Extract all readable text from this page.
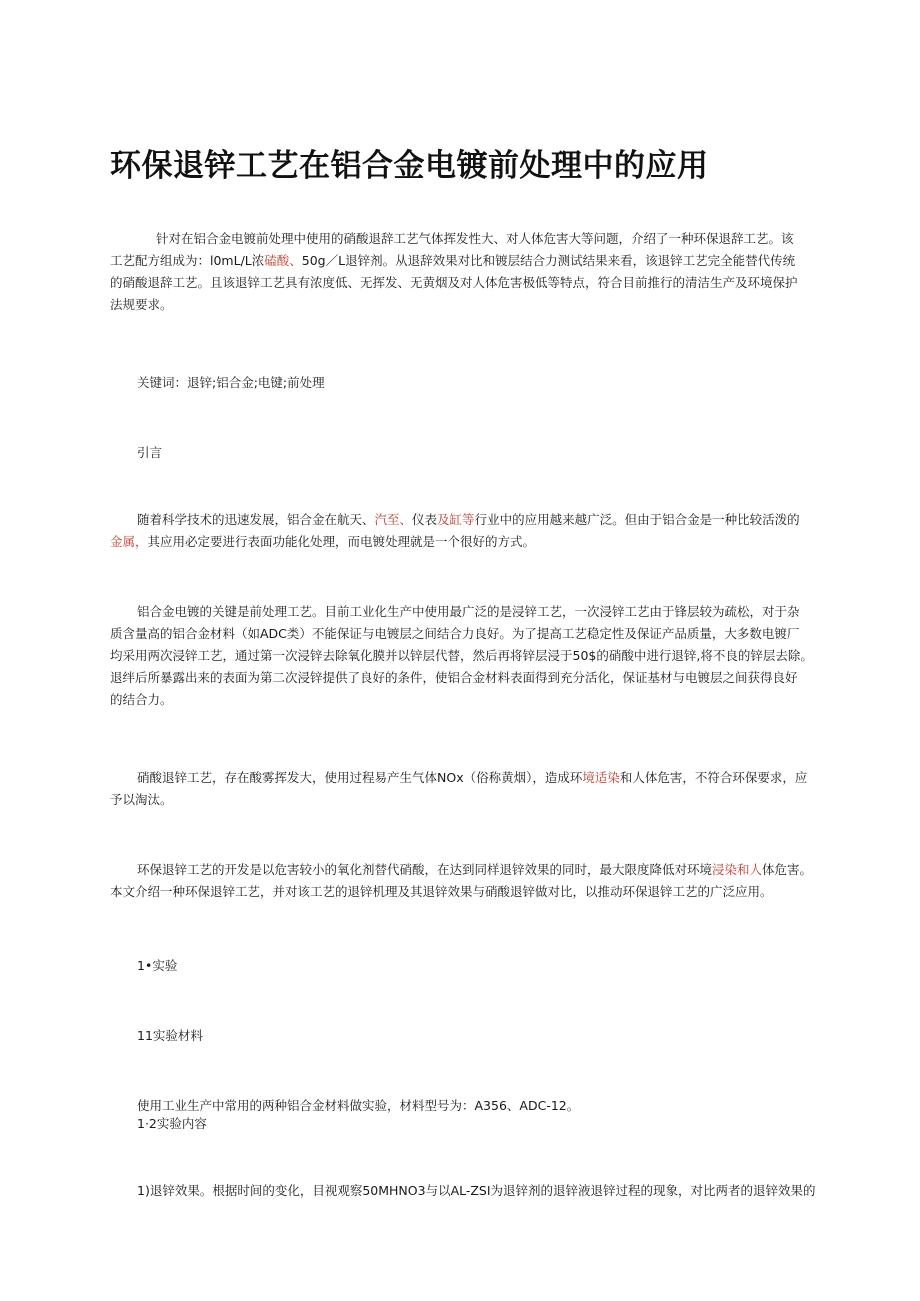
环保退锌工艺在铝合金电镀前处理中的应用
针对在铝合金电镀前处理中使用的硝酸退辞工艺气体挥发性大、对人体危害大等问题，介绍了一种环保退辞工艺。该
工艺配方组成为：l0mL/L浓磕酸、50g／L退锌剂。从退辞效果对比和镀层结合力测试结果来看，该退锌工艺完全能替代传统
的硝酸退辞工艺。且该退锌工艺具有浓度低、无挥发、无黄烟及对人体危害极低等特点，符合目前推行的清洁生产及环境保护
法规要求。
关键词：退锌;铝合金;电键;前处理
引言
随着科学技术的迅速发展，铝合金在航天、汽至、仪表及缸等行业中的应用越来越广泛。但由于铝合金是一种比较活泼的
金属，其应用必定要进行表面功能化处理，而电镀处理就是一个很好的方式。
铝合金电镀的关键是前处理工艺。目前工业化生产中使用最广泛的是浸锌工艺，一次浸锌工艺由于锋层较为疏松，对于杂
质含量高的铝合金材料（如ADC类）不能保证与电镀层之间结合力良好。为了提高工艺稳定性及保证产品质量，大多数电镀厂
均采用两次浸锌工艺，通过第一次浸锌去除氧化膜并以锌层代替，然后再将锌层浸于50$的硝酸中进行退锌,将不良的锌层去除。
退绊后所暴露出来的表面为第二次浸锌提供了良好的条件，使铝合金材料表面得到充分活化，保证基材与电镀层之间获得良好
的结合力。
硝酸退锌工艺，存在酸雾挥发大，使用过程易产生气体NOx（俗称黄烟），造成环境适染和人体危害，不符合环保要求，应
予以淘汰。
环保退锌工艺的开发是以危害较小的氧化剂替代硝酸，在达到同样退锌效果的同时，最大限度降低对环境浸染和人体危害。
本文介绍一种环保退锌工艺，并对该工艺的退锌机理及其退锌效果与硝酸退锌做对比，以推动环保退锌工艺的广泛应用。
1•实验
11实验材料
使用工业生产中常用的两种铝合金材料做实验，材料型号为：A356、ADC-12。
1·2实验内容
1)退锌效果。根据时间的变化，目视观察50MHNO3与以AL-ZSI为退锌剂的退锌液退锌过程的现象，对比两者的退锌效果的
